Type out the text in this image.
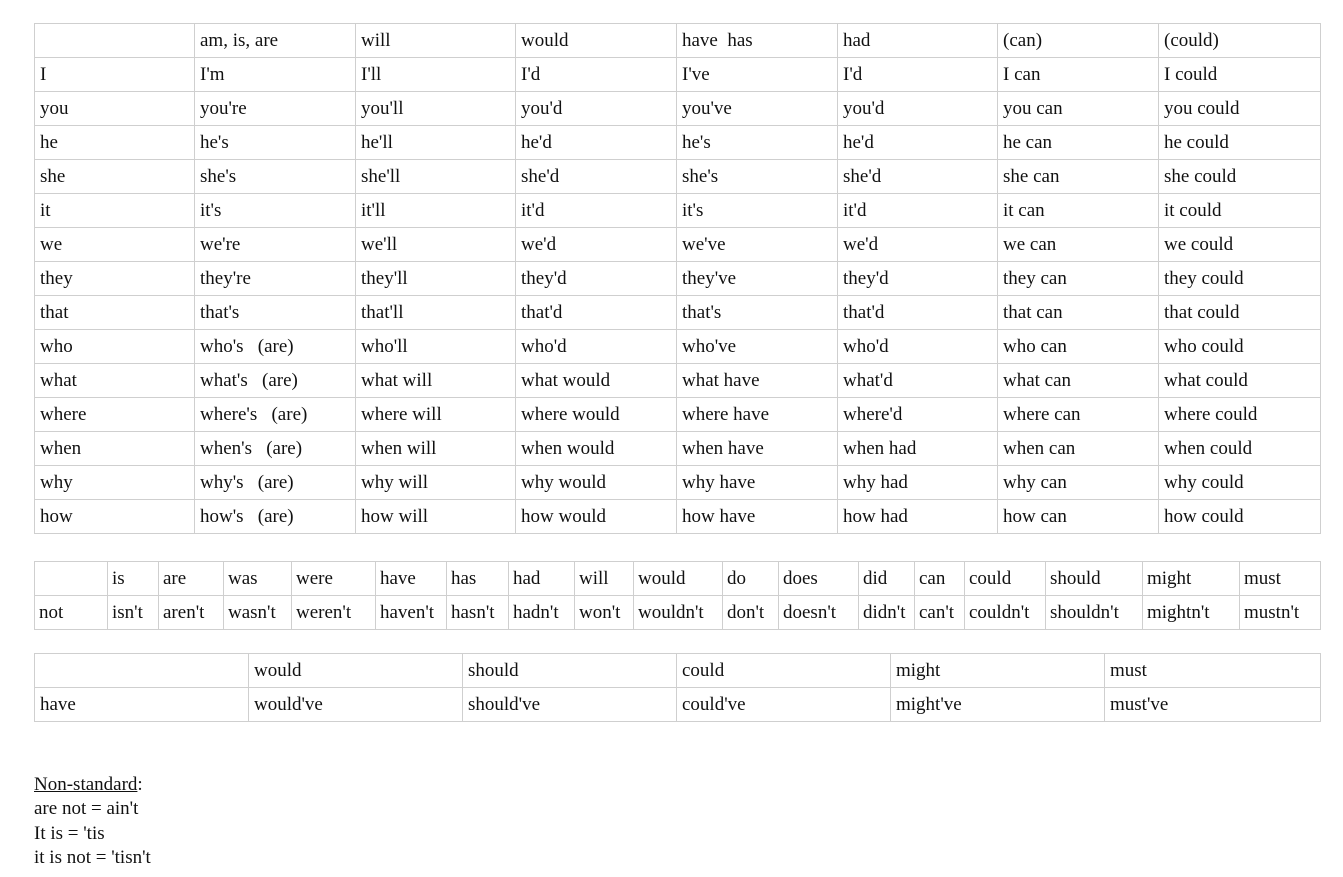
	am, is, are	will	would	have  has	had	(can)	(could)
I	I'm	I'll	I'd	I've	I'd	I can	I could
you	you're	you'll	you'd	you've	you'd	you can	you could
he	he's	he'll	he'd	he's	he'd	he can	he could
she	she's	she'll	she'd	she's	she'd	she can	she could
it	it's	it'll	it'd	it's	it'd	it can	it could
we	we're	we'll	we'd	we've	we'd	we can	we could
they	they're	they'll	they'd	they've	they'd	they can	they could
that	that's	that'll	that'd	that's	that'd	that can	that could
who	who's   (are)	who'll	who'd	who've	who'd	who can	who could
what	what's   (are)	what will	what would	what have	what'd	what can	what could
where	where's   (are)	where will	where would	where have	where'd	where can	where could
when	when's   (are)	when will	when would	when have	when had	when can	when could
why	why's   (are)	why will	why would	why have	why had	why can	why could
how	how's   (are)	how will	how would	how have	how had	how can	how could
	is	are	was	were	have	has	had	will	would	do	does	did	can	could	should	might	must
not	isn't	aren't	wasn't	weren't	haven't	hasn't	hadn't	won't	wouldn't	don't	doesn't	didn't	can't	couldn't	shouldn't	mightn't	mustn't
	would	should	could	might	must
have	would've	should've	could've	might've	must've
Non-standard:
are not = ain't
It is = 'tis
it is not = 'tisn't
